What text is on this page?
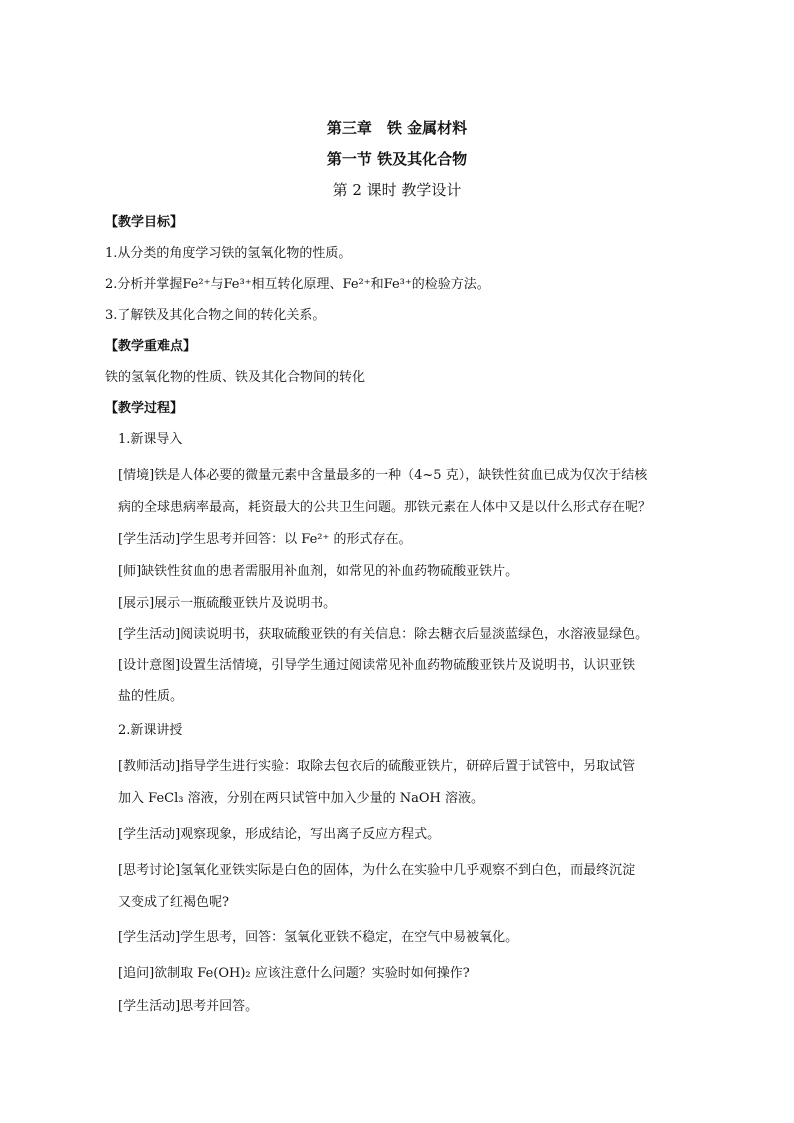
第三章　铁 金属材料
第一节 铁及其化合物
第 2 课时 教学设计
【教学目标】
1.从分类的角度学习铁的氢氧化物的性质。
2.分析并掌握Fe²⁺与Fe³⁺相互转化原理、Fe²⁺和Fe³⁺的检验方法。
3.了解铁及其化合物之间的转化关系。
【教学重难点】
铁的氢氧化物的性质、铁及其化合物间的转化
【教学过程】
1.新课导入
[情境]铁是人体必要的微量元素中含量最多的一种（4~5 克），缺铁性贫血已成为仅次于结核
病的全球患病率最高，耗资最大的公共卫生问题。那铁元素在人体中又是以什么形式存在呢？
[学生活动]学生思考并回答：以 Fe²⁺ 的形式存在。
[师]缺铁性贫血的患者需服用补血剂，如常见的补血药物硫酸亚铁片。
[展示]展示一瓶硫酸亚铁片及说明书。
[学生活动]阅读说明书，获取硫酸亚铁的有关信息：除去糖衣后显淡蓝绿色，水溶液显绿色。
[设计意图]设置生活情境，引导学生通过阅读常见补血药物硫酸亚铁片及说明书，认识亚铁
盐的性质。
2.新课讲授
[教师活动]指导学生进行实验：取除去包衣后的硫酸亚铁片，研碎后置于试管中，另取试管
加入 FeCl₃ 溶液，分别在两只试管中加入少量的 NaOH 溶液。
[学生活动]观察现象，形成结论，写出离子反应方程式。
[思考讨论]氢氧化亚铁实际是白色的固体，为什么在实验中几乎观察不到白色，而最终沉淀
又变成了红褐色呢?
[学生活动]学生思考，回答：氢氧化亚铁不稳定，在空气中易被氧化。
[追问]欲制取 Fe(OH)₂ 应该注意什么问题？实验时如何操作?
[学生活动]思考并回答。
